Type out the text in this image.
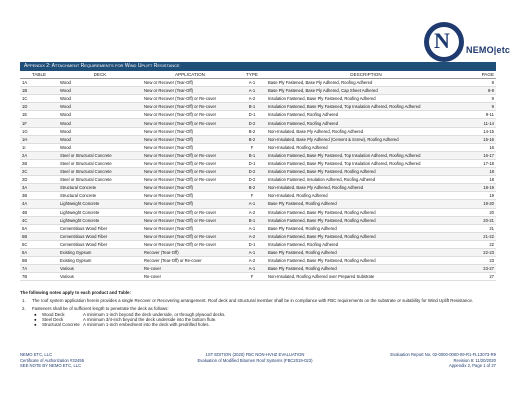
N NEMO|etc
Appendix 2: Attachment Requirements for Wind Uplift Resistance
TABLE	DECK	APPLICATION	TYPE	DESCRIPTION	PAGE
1A	Wood	New or Recover (Tear-Off)	A-1	Base Ply Fastened, Base Ply Adhered, Roofing Adhered	8
1B	Wood	New or Recover (Tear-Off)	A-1	Base Ply Fastened, Base Ply Adhered, Cap Sheet Adhered	8-9
1C	Wood	New or Recover (Tear-Off) or Re-cover	A-2	Insulation Fastened, Base Ply Fastened, Roofing Adhered	9
1D	Wood	New or Recover (Tear-Off) or Re-cover	B-1	Insulation Fastened, Base Ply Fastened, Top Insulation Adhered, Roofing Adhered	9
1E	Wood	New or Recover (Tear-Off) or Re-cover	D-1	Insulation Fastened, Roofing Adhered	9-11
1F	Wood	New or Recover (Tear-Off) or Re-cover	D-2	Insulation Fastened, Roofing Adhered	11-14
1G	Wood	New or Recover (Tear-Off)	B-2	Non-Insulated, Base Ply Adhered, Roofing Adhered	14-15
1H	Wood	New or Recover (Tear-Off)	B-2	Non-Insulated, Base Ply Adhered (Cement & Screw), Roofing Adhered	15-16
1I	Wood	New or Recover (Tear-Off)	F	Non-Insulated, Roofing Adhered	16
2A	Steel or Structural Concrete	New or Recover (Tear-Off) or Re-cover	B-1	Insulation Fastened, Base Ply Fastened, Top Insulation Adhered, Roofing Adhered	16-17
2B	Steel or Structural Concrete	New or Recover (Tear-Off) or Re-cover	D-1	Insulation Fastened, Base Ply Fastened, Top Insulation Adhered, Roofing Adhered	17-18
2C	Steel or Structural Concrete	New or Recover (Tear-Off) or Re-cover	D-2	Insulation Fastened, Base Ply Fastened, Roofing Adhered	18
2D	Steel or Structural Concrete	New or Recover (Tear-Off) or Re-cover	D-2	Insulation Fastened, Insulation Adhered, Roofing Adhered	18
3A	Structural Concrete	New or Recover (Tear-Off)	B-2	Non-Insulated, Base Ply Adhered, Roofing Adhered	18-19
3B	Structural Concrete	New or Recover (Tear-Off)	F	Non-Insulated, Roofing Adhered	19
4A	Lightweight Concrete	New or Recover (Tear-Off)	A-1	Base Ply Fastened, Roofing Adhered	19-20
4B	Lightweight Concrete	New or Recover (Tear-Off) or Re-cover	A-2	Insulation Fastened, Base Ply Fastened, Roofing Adhered	20
4C	Lightweight Concrete	New or Recover (Tear-Off) or Re-cover	B-1	Insulation Fastened, Base Ply Fastened, Roofing Adhered	20-21
5A	Cementitious Wood Fiber	New or Recover (Tear-Off)	A-1	Base Ply Fastened, Roofing Adhered	21
5B	Cementitious Wood Fiber	New or Recover (Tear-Off) or Re-cover	A-2	Insulation Fastened, Base Ply Fastened, Roofing Adhered	21-22
5C	Cementitious Wood Fiber	New or Recover (Tear-Off) or Re-cover	D-1	Insulation Fastened, Roofing Adhered	22
6A	Existing Gypsum	Recover (Tear-Off)	A-1	Base Ply Fastened, Roofing Adhered	22-23
6B	Existing Gypsum	Recover (Tear-Off) or Re-cover	A-2	Insulation Fastened, Base Ply Fastened, Roofing Adhered	23
7A	Various	Re-cover	A-1	Base Ply Fastened, Roofing Adhered	23-27
7B	Various	Re-cover	F	Non-Insulated, Roofing Adhered over Prepared Substrate	27
The following notes apply to each product and Table:
1. The roof system application herein provides a single Recover or Recovering arrangement. Roof deck and structural member shall be in compliance with FBC requirements on the substrate or suitability for Wind Uplift Resistance.
2. Fasteners shall be of sufficient length to penetrate the deck as follows:
● Wood Deck	A minimum 1-inch beyond the deck underside, or through plywood decks.
● Steel Deck	A minimum 3/4-inch beyond the deck underside into the bottom flute.
● Structural Concrete A minimum 1-inch embedment into the deck with predrilled holes.
NEMO ETC, LLC
Certificate of Authorization #32455
SEE NOTE BY NEMO ETC, LLC
1ST EDITION (2020) FBC NON-HVHZ EVALUATION
Evaluation of Modified Bitumen Roof Systems (FBC2019-023)
Evaluation Report No. 02-0000-0000-09-R1-FL13073-R9
Revision 9: 11/20/2020
Appendix 2, Page 1 of 27
